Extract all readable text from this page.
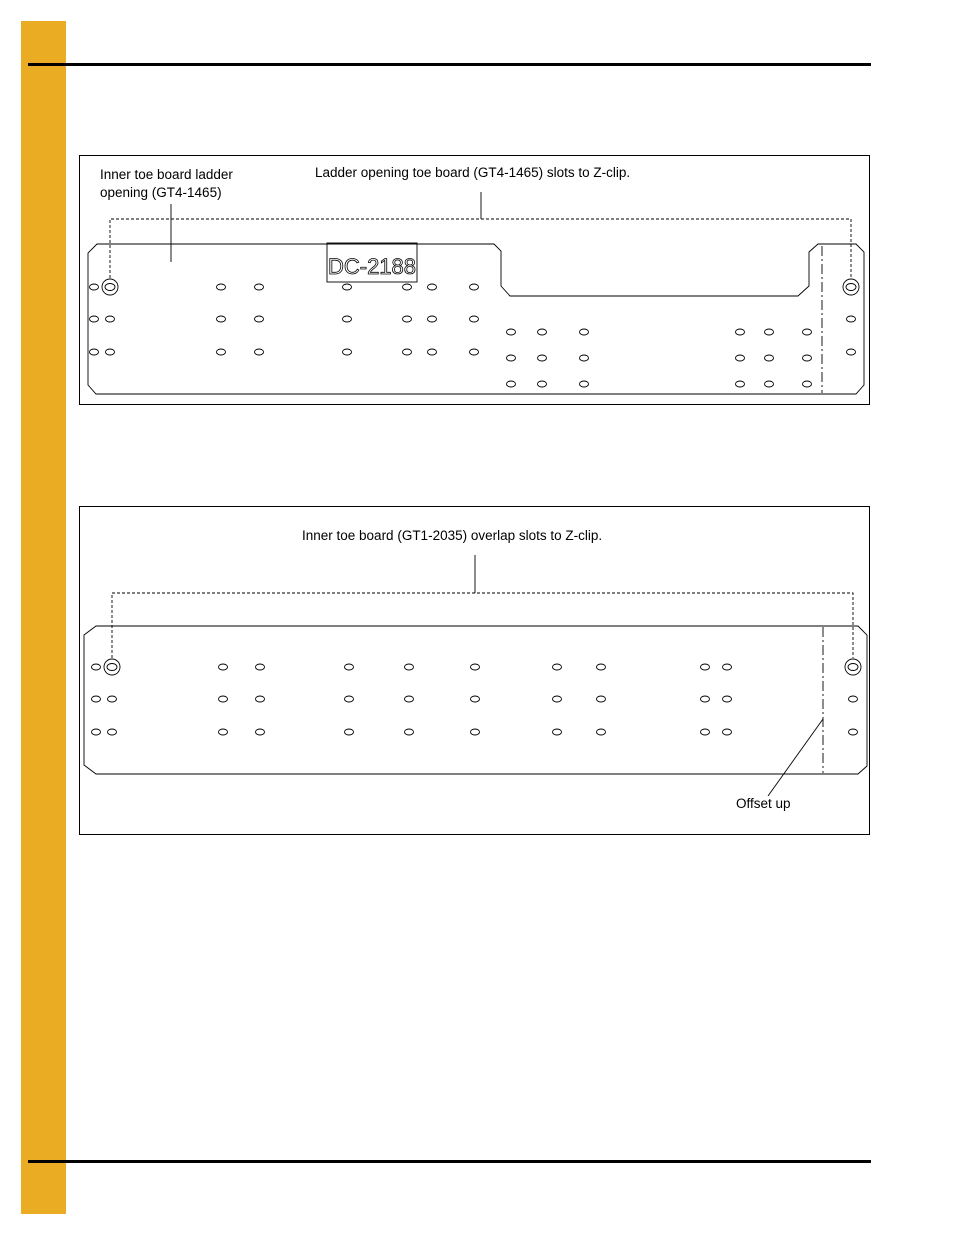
DC-2188
Inner toe board ladder
opening (GT4-1465)
Ladder opening toe board (GT4-1465) slots to Z-clip.
Inner toe board (GT1-2035) overlap slots to Z-clip.
Offset up
